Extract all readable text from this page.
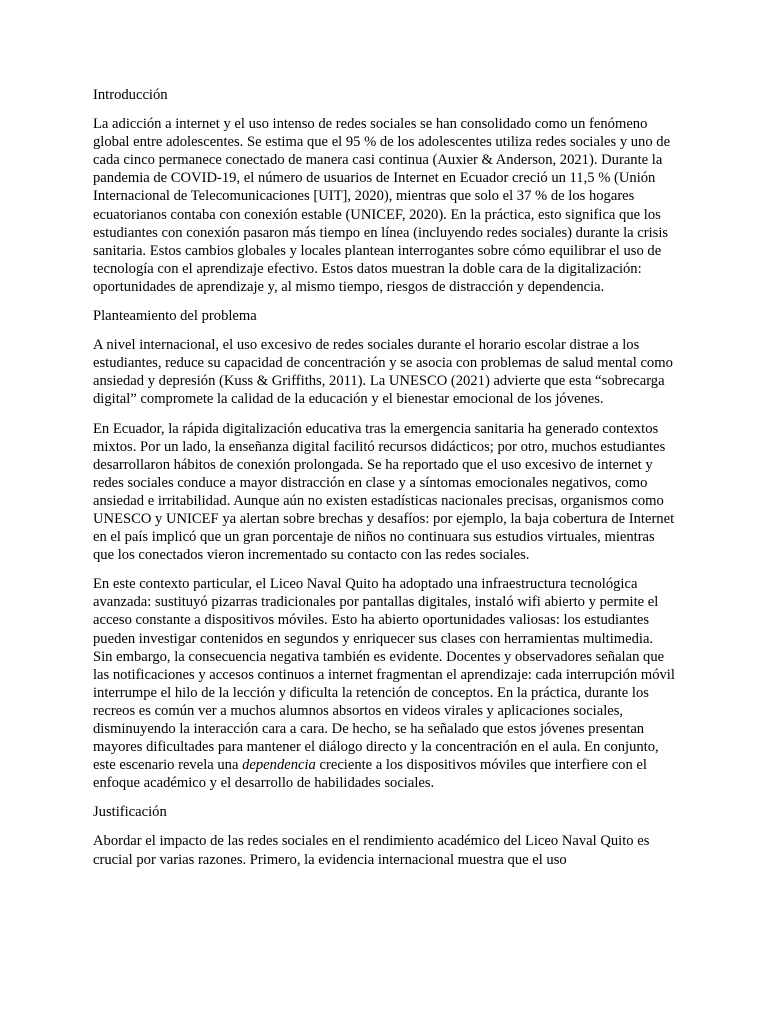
Introducción

La adicción a internet y el uso intenso de redes sociales se han consolidado como un fenómeno global entre adolescentes. Se estima que el 95 % de los adolescentes utiliza redes sociales y uno de cada cinco permanece conectado de manera casi continua (Auxier & Anderson, 2021). Durante la pandemia de COVID-19, el número de usuarios de Internet en Ecuador creció un 11,5 % (Unión Internacional de Telecomunicaciones [UIT], 2020), mientras que solo el 37 % de los hogares ecuatorianos contaba con conexión estable (UNICEF, 2020). En la práctica, esto significa que los estudiantes con conexión pasaron más tiempo en línea (incluyendo redes sociales) durante la crisis sanitaria. Estos cambios globales y locales plantean interrogantes sobre cómo equilibrar el uso de tecnología con el aprendizaje efectivo. Estos datos muestran la doble cara de la digitalización: oportunidades de aprendizaje y, al mismo tiempo, riesgos de distracción y dependencia.

Planteamiento del problema

A nivel internacional, el uso excesivo de redes sociales durante el horario escolar distrae a los estudiantes, reduce su capacidad de concentración y se asocia con problemas de salud mental como ansiedad y depresión (Kuss & Griffiths, 2011). La UNESCO (2021) advierte que esta “sobrecarga digital” compromete la calidad de la educación y el bienestar emocional de los jóvenes.

En Ecuador, la rápida digitalización educativa tras la emergencia sanitaria ha generado contextos mixtos. Por un lado, la enseñanza digital facilitó recursos didácticos; por otro, muchos estudiantes desarrollaron hábitos de conexión prolongada. Se ha reportado que el uso excesivo de internet y redes sociales conduce a mayor distracción en clase y a síntomas emocionales negativos, como ansiedad e irritabilidad. Aunque aún no existen estadísticas nacionales precisas, organismos como UNESCO y UNICEF ya alertan sobre brechas y desafíos: por ejemplo, la baja cobertura de Internet en el país implicó que un gran porcentaje de niños no continuara sus estudios virtuales, mientras que los conectados vieron incrementado su contacto con las redes sociales.

En este contexto particular, el Liceo Naval Quito ha adoptado una infraestructura tecnológica avanzada: sustituyó pizarras tradicionales por pantallas digitales, instaló wifi abierto y permite el acceso constante a dispositivos móviles. Esto ha abierto oportunidades valiosas: los estudiantes pueden investigar contenidos en segundos y enriquecer sus clases con herramientas multimedia. Sin embargo, la consecuencia negativa también es evidente. Docentes y observadores señalan que las notificaciones y accesos continuos a internet fragmentan el aprendizaje: cada interrupción móvil interrumpe el hilo de la lección y dificulta la retención de conceptos. En la práctica, durante los recreos es común ver a muchos alumnos absortos en videos virales y aplicaciones sociales, disminuyendo la interacción cara a cara. De hecho, se ha señalado que estos jóvenes presentan mayores dificultades para mantener el diálogo directo y la concentración en el aula. En conjunto, este escenario revela una dependencia creciente a los dispositivos móviles que interfiere con el enfoque académico y el desarrollo de habilidades sociales.

Justificación

Abordar el impacto de las redes sociales en el rendimiento académico del Liceo Naval Quito es crucial por varias razones. Primero, la evidencia internacional muestra que el uso
